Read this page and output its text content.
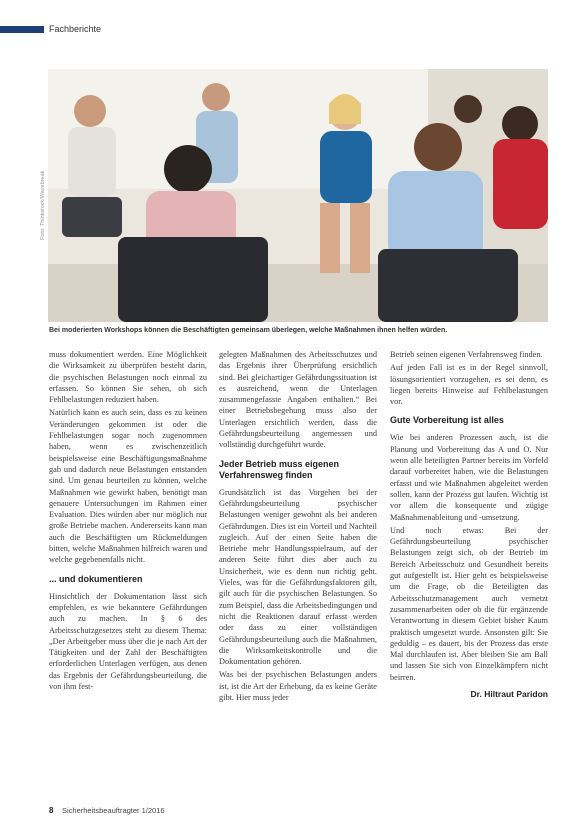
Fachberichte
Foto: Thinkstock/Wavebreak
Bei moderierten Workshops können die Beschäftigten gemeinsam überlegen, welche Maßnahmen ihnen helfen würden.

muss dokumentiert werden. Eine Möglichkeit die Wirksamkeit zu überprüfen besteht darin, die psychischen Belastungen noch einmal zu erfassen. So können Sie sehen, ob sich Fehlbelastungen reduziert haben.

Natürlich kann es auch sein, dass es zu keinen Veränderungen gekommen ist oder die Fehlbelastungen sogar noch zugenommen haben, wenn es zwischenzeitlich beispielsweise eine Beschäftigungsmaßnahme gab und dadurch neue Belastungen entstanden sind. Um genau beurteilen zu können, welche Maßnahmen wie gewirkt haben, benötigt man genauere Untersuchungen im Rahmen einer Evaluation. Dies würden aber nur möglich nur große Betriebe machen. Andererseits kann man auch die Beschäftigten um Rückmeldungen bitten, welche Maßnahmen hilfreich waren und welche gegebenenfalls nicht.

... und dokumentieren

Hinsichtlich der Dokumentation lässt sich empfehlen, es wie bekanntere Gefährdungen auch zu machen. In § 6 des Arbeitsschutzgesetzes steht zu diesem Thema: „Der Arbeitgeber muss über die je nach Art der Tätigkeiten und der Zahl der Beschäftigten erforderlichen Unterlagen verfügen, aus denen das Ergebnis der Gefährdungsbeurteilung, die von ihm fest-

gelegten Maßnahmen des Arbeitsschutzes und das Ergebnis ihrer Überprüfung ersichtlich sind. Bei gleichartiger Gefährdungssituation ist es ausreichend, wenn die Unterlagen zusammengefasste Angaben enthalten.“ Bei einer Betriebsbegehung muss also der Unterlagen ersichtlich werden, dass die Gefährdungsbeurteilung angemessen und vollständig durchgeführt wurde.

Jeder Betrieb muss eigenen Verfahrensweg finden

Grundsätzlich ist das Vorgehen bei der Gefährdungsbeurteilung psychischer Belastungen weniger gewohnt als bei anderen Gefährdungen. Dies ist ein Vorteil und Nachteil zugleich. Auf der einen Seite haben die Betriebe mehr Handlungsspielraum, auf der anderen Seite führt dies aber auch zu Unsicherheit, wie es denn nun richtig geht. Vieles, was für die Gefährdungsfaktoren gilt, gilt auch für die psychischen Belastungen. So zum Beispiel, dass die Arbeitsbedingungen und nicht die Reaktionen darauf erfasst werden oder dass zu einer vollständigen Gefährdungsbeurteilung auch die Maßnahmen, die Wirksamkeitskontrolle und die Dokumentation gehören.

Was bei der psychischen Belastungen anders ist, ist die Art der Erhebung, da es keine Geräte gibt. Hier muss jeder

Betrieb seinen eigenen Verfahrensweg finden.

Auf jeden Fall ist es in der Regel sinnvoll, lösungsorientiert vorzugehen, es sei denn, es liegen bereits Hinweise auf Fehlbelastungen vor.

Gute Vorbereitung ist alles

Wie bei anderen Prozessen auch, ist die Planung und Vorbereitung das A und O. Nur wenn alle beteiligten Partner bereits im Vorfeld darauf vorbereitet haben, wie die Belastungen erfasst und wie Maßnahmen abgeleitet werden sollen, kann der Prozess gut laufen. Wichtig ist vor allem die konsequente und zügige Maßnahmenableitung und -umsetzung.

Und noch etwas: Bei der Gefährdungsbeurteilung psychischer Belastungen zeigt sich, ob der Betrieb im Bereich Arbeitsschutz und Gesundheit bereits gut aufgestellt ist. Hier geht es beispielsweise um die Frage, ob die Beteiligten das Arbeitsschutzmanagement auch vernetzt zusammenarbeiten oder ob die für ergänzende Verantwortung in diesem Gebiet bisher Kaum praktisch umgesetzt wurde. Ansonsten gilt: Sie geduldig – es dauert, bis der Prozess das erste Mal durchlaufen ist. Aber bleiben Sie am Ball und lassen Sie sich von Einzelkämpfern nicht beirren.

Dr. Hiltraut Paridon
8 Sicherheitsbeauftragter 1/2016
